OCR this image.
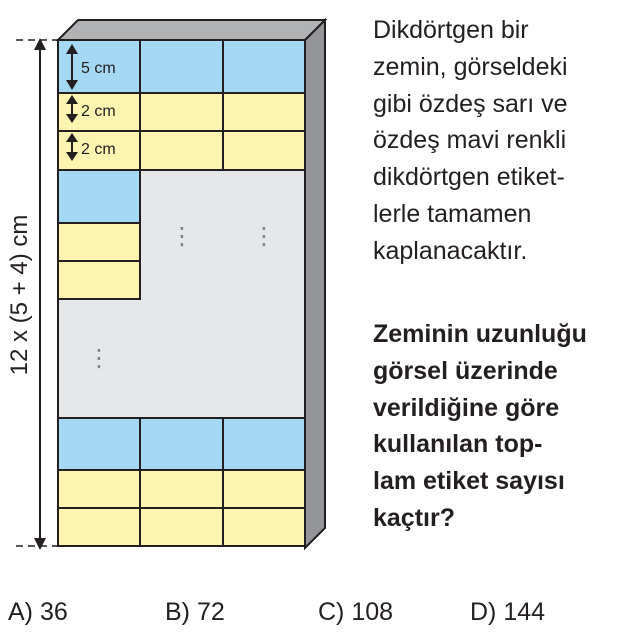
12 x (5 + 4) cm
5 cm
2 cm
2 cm
⋮ ⋮
⋮

Dikdörtgen bir
zemin, görseldeki
gibi özdeş sarı ve
özdeş mavi renkli
dikdörtgen etiket-
lerle tamamen
kaplanacaktır.

Zeminin uzunluğu
görsel üzerinde
verildiğine göre
kullanılan top-
lam etiket sayısı
kaçtır?

A) 36	B) 72	C) 108	D) 144
